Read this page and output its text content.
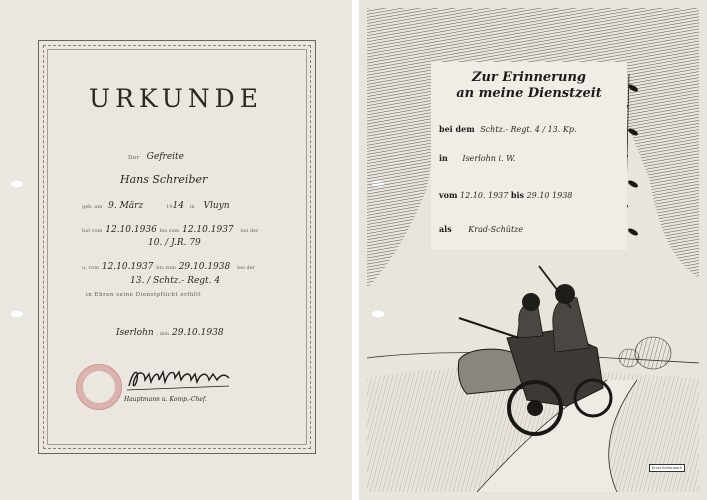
URKUNDE
Der Gefreite
Hans Schreiber
geb. am 9. März	1914 in Vluyn
hat vom 12.10.1936 bis zum 12.10.1937 bei der
10. / J.R. 79
u. vom 12.10.1937 bis zum 29.10.1938 bei der
13. / Schtz.- Regt. 4
in Ehren seine Dienstpflicht erfüllt
Iserlohn , den 29.10.1938
Hauptmann u. Komp.-Chef.
Zur Erinnerung
an meine Dienstzeit
bei dem Schtz.- Regt. 4 / 13. Kp.
in Iserlohn i. W.
vom 12.10. 1937 bis 29.10 1938
als Krad-Schütze
Ernst Kuttenbach
